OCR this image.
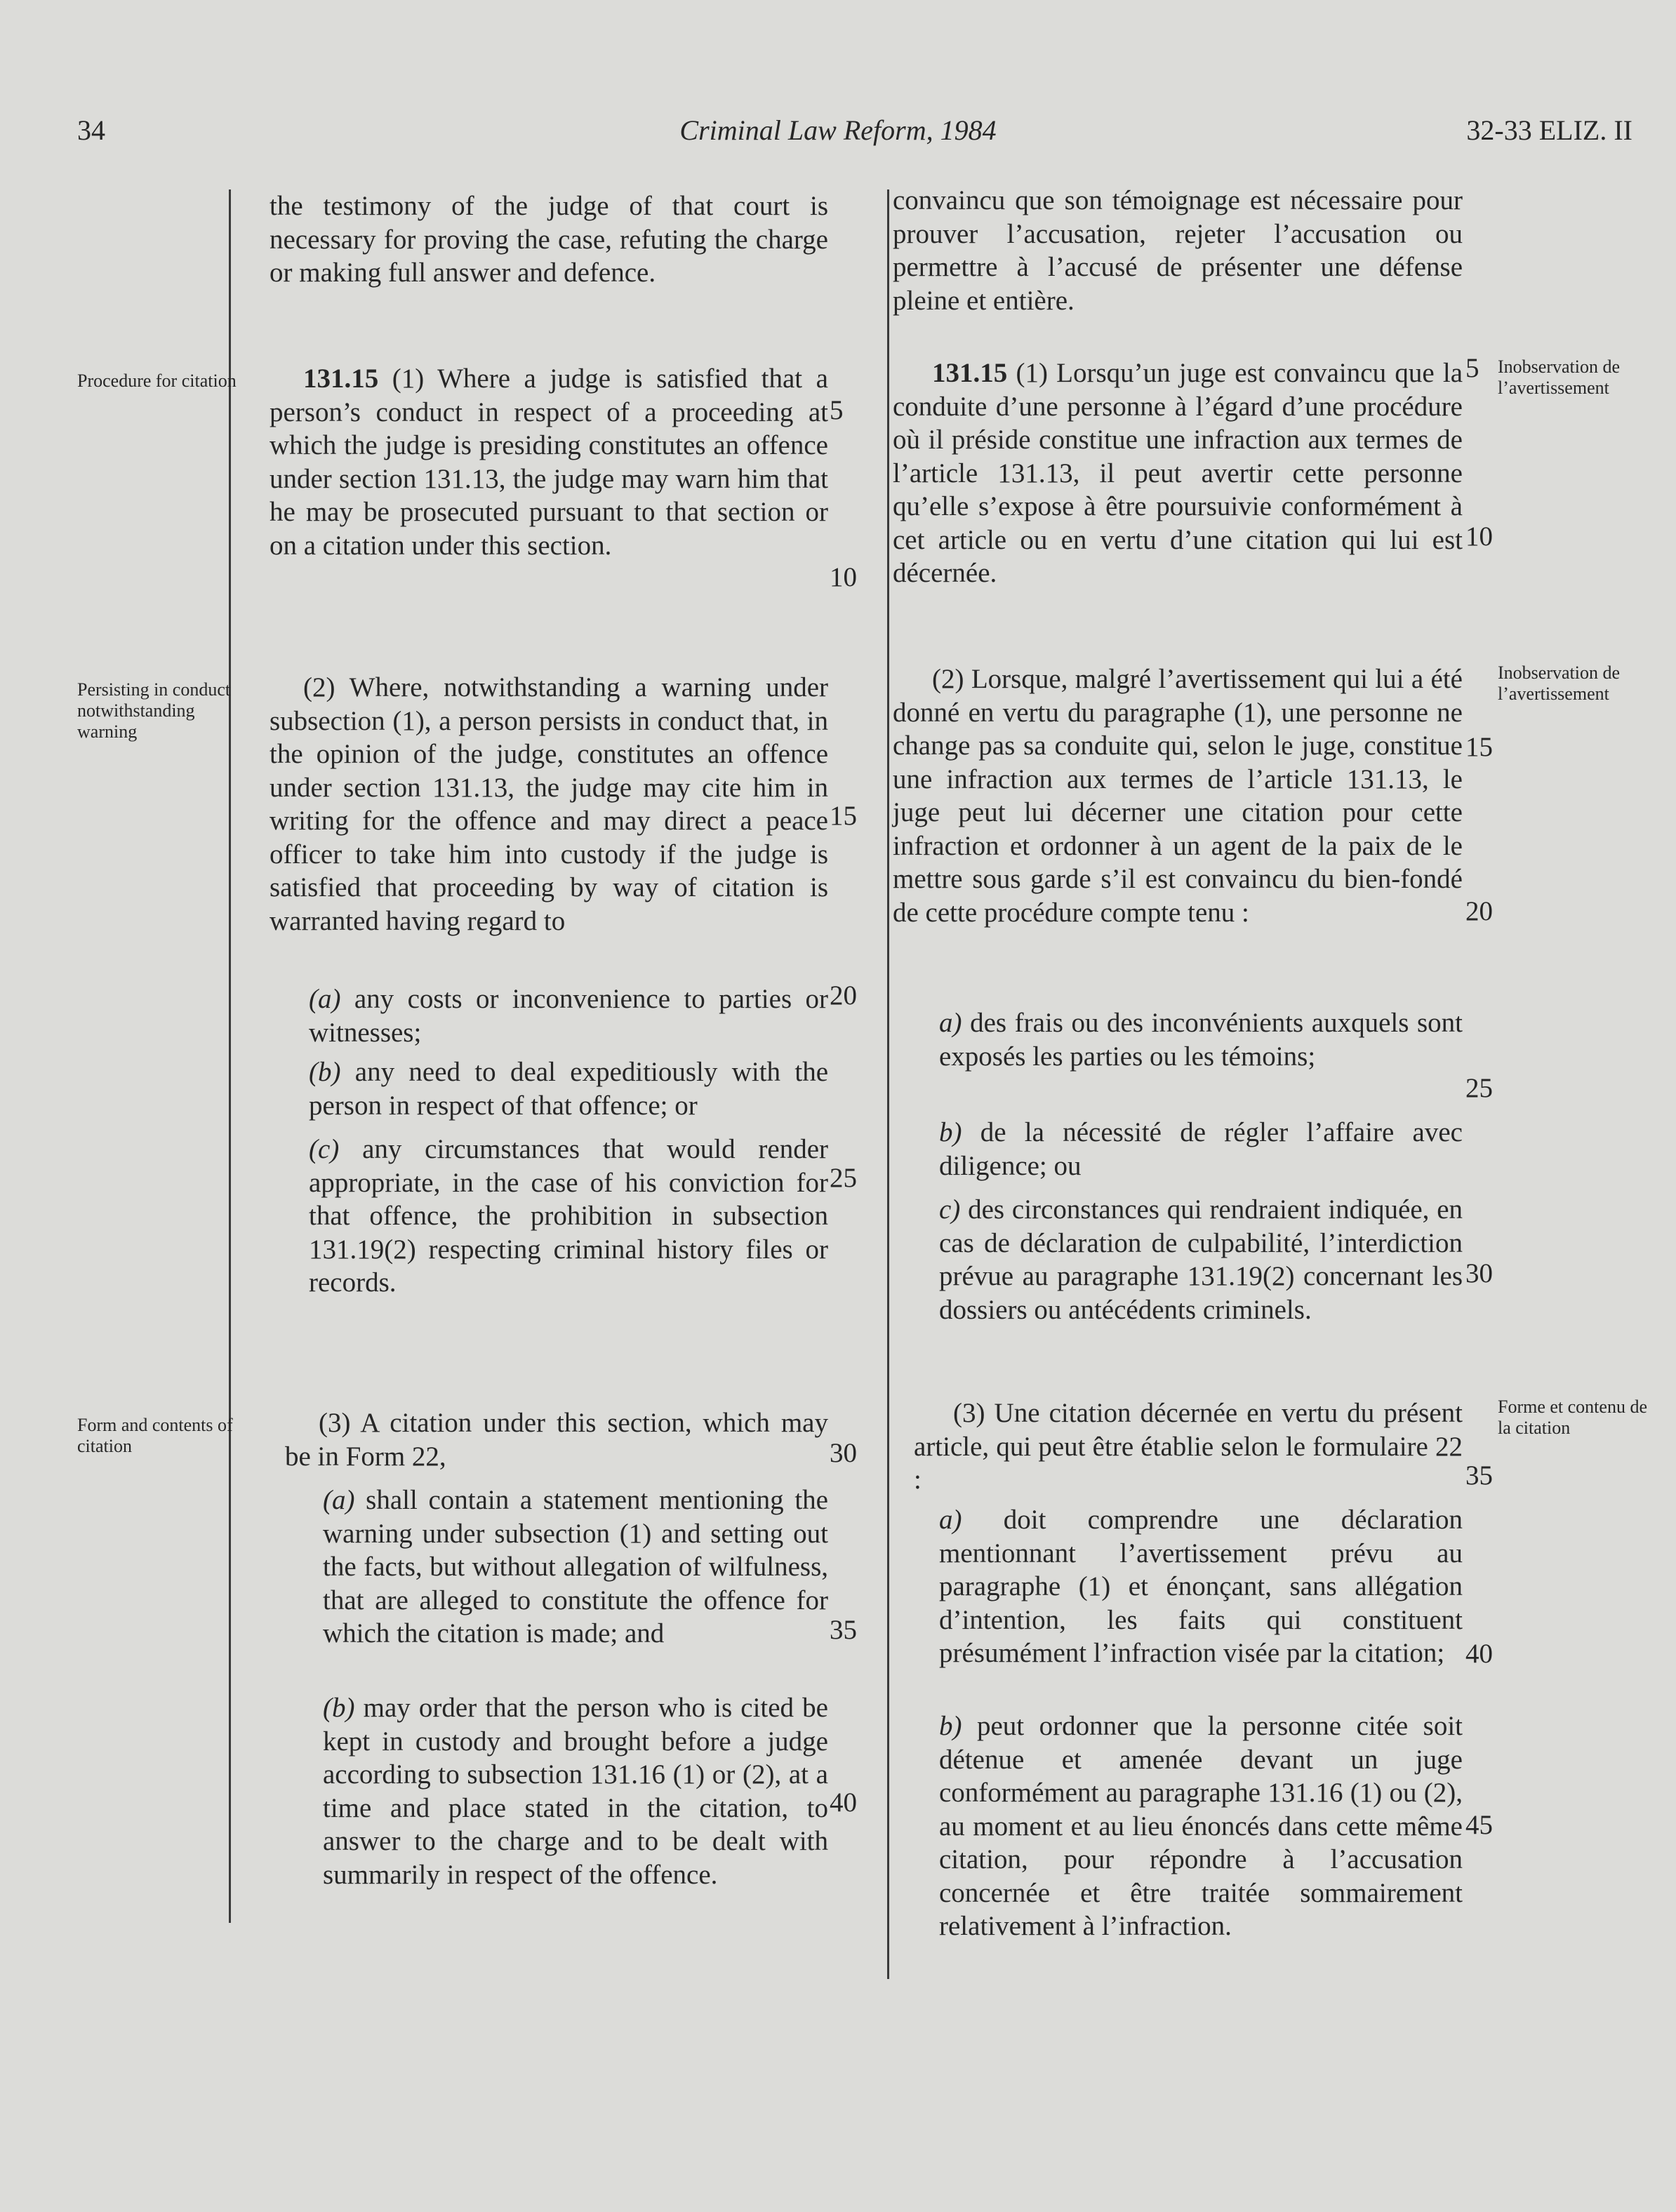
34	Criminal Law Reform, 1984	32-33 ELIZ. II

Procedure for citation

Persisting in conduct notwithstanding warning

Form and contents of citation

Inobservation de l’avertissement

Inobservation de l’avertissement

Forme et contenu de la citation

the testimony of the judge of that court is necessary for proving the case, refuting the charge or making full answer and defence.

131.15 (1) Where a judge is satisfied that a person’s conduct in respect of a proceeding at which the judge is presiding constitutes an offence under section 131.13, the judge may warn him that he may be prosecuted pursuant to that section or on a citation under this section.

(2) Where, notwithstanding a warning under subsection (1), a person persists in conduct that, in the opinion of the judge, constitutes an offence under section 131.13, the judge may cite him in writing for the offence and may direct a peace officer to take him into custody if the judge is satisfied that proceeding by way of citation is warranted having regard to

(a) any costs or inconvenience to parties or witnesses;

(b) any need to deal expeditiously with the person in respect of that offence; or

(c) any circumstances that would render appropriate, in the case of his conviction for that offence, the prohibition in subsection 131.19(2) respecting criminal history files or records.

(3) A citation under this section, which may be in Form 22,

(a) shall contain a statement mentioning the warning under subsection (1) and setting out the facts, but without allegation of wilfulness, that are alleged to constitute the offence for which the citation is made; and

(b) may order that the person who is cited be kept in custody and brought before a judge according to subsection 131.16 (1) or (2), at a time and place stated in the citation, to answer to the charge and to be dealt with summarily in respect of the offence.

convaincu que son témoignage est nécessaire pour prouver l’accusation, rejeter l’accusation ou permettre à l’accusé de présenter une défense pleine et entière.

131.15 (1) Lorsqu’un juge est convaincu que la conduite d’une personne à l’égard d’une procédure où il préside constitue une infraction aux termes de l’article 131.13, il peut avertir cette personne qu’elle s’expose à être poursuivie conformément à cet article ou en vertu d’une citation qui lui est décernée.

(2) Lorsque, malgré l’avertissement qui lui a été donné en vertu du paragraphe (1), une personne ne change pas sa conduite qui, selon le juge, constitue une infraction aux termes de l’article 131.13, le juge peut lui décerner une citation pour cette infraction et ordonner à un agent de la paix de le mettre sous garde s’il est convaincu du bien-fondé de cette procédure compte tenu :

a) des frais ou des inconvénients auxquels sont exposés les parties ou les témoins;

b) de la nécessité de régler l’affaire avec diligence; ou

c) des circonstances qui rendraient indiquée, en cas de déclaration de culpabilité, l’interdiction prévue au paragraphe 131.19(2) concernant les dossiers ou antécédents criminels.

(3) Une citation décernée en vertu du présent article, qui peut être établie selon le formulaire 22 :

a) doit comprendre une déclaration mentionnant l’avertissement prévu au paragraphe (1) et énonçant, sans allégation d’intention, les faits qui constituent présumément l’infraction visée par la citation;

b) peut ordonner que la personne citée soit détenue et amenée devant un juge conformément au paragraphe 131.16 (1) ou (2), au moment et au lieu énoncés dans cette même citation, pour répondre à l’accusation concernée et être traitée sommairement relativement à l’infraction.

5
10
15
20
25
30
35
40
5
10
15
20
25
30
35
40
45
